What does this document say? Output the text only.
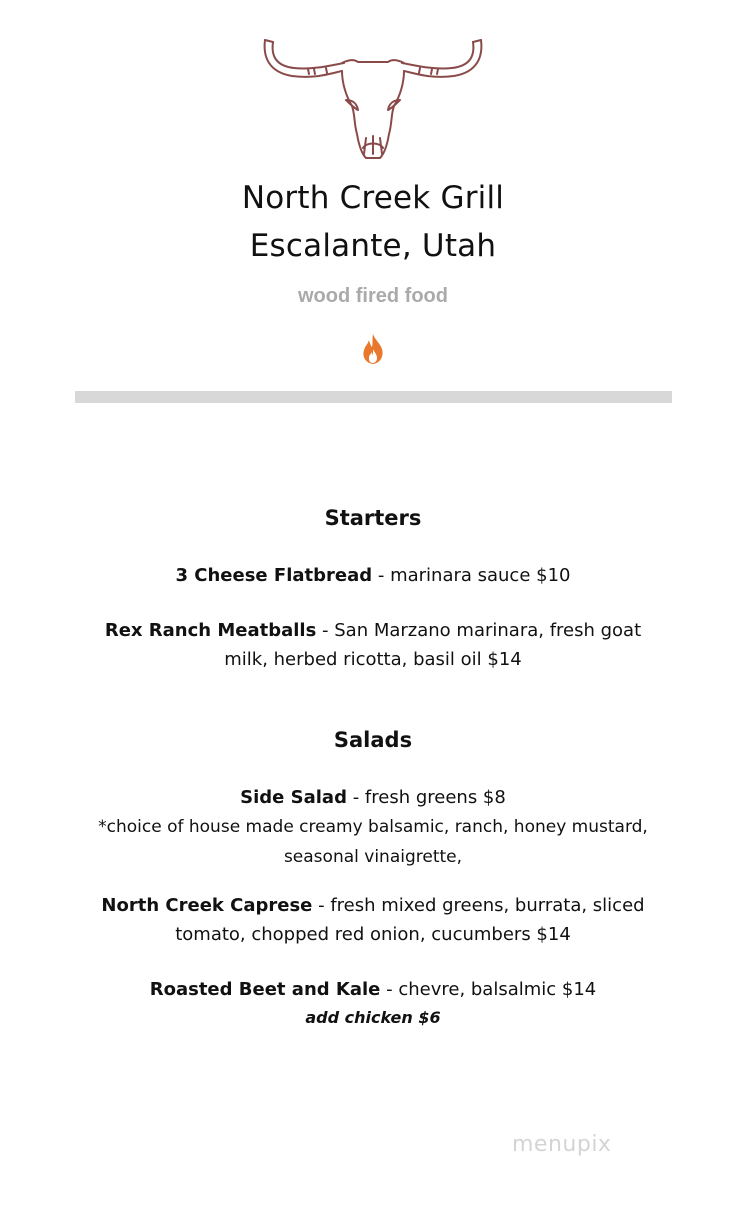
North Creek Grill
Escalante, Utah
wood fired food
Starters
3 Cheese Flatbread - marinara sauce $10
Rex Ranch Meatballs - San Marzano marinara, fresh goat
milk, herbed ricotta, basil oil $14
Salads
Side Salad - fresh greens $8
*choice of house made creamy balsamic, ranch, honey mustard,
seasonal vinaigrette,
North Creek Caprese - fresh mixed greens, burrata, sliced
tomato, chopped red onion, cucumbers $14
Roasted Beet and Kale - chevre, balsalmic $14
add chicken $6
menupix
